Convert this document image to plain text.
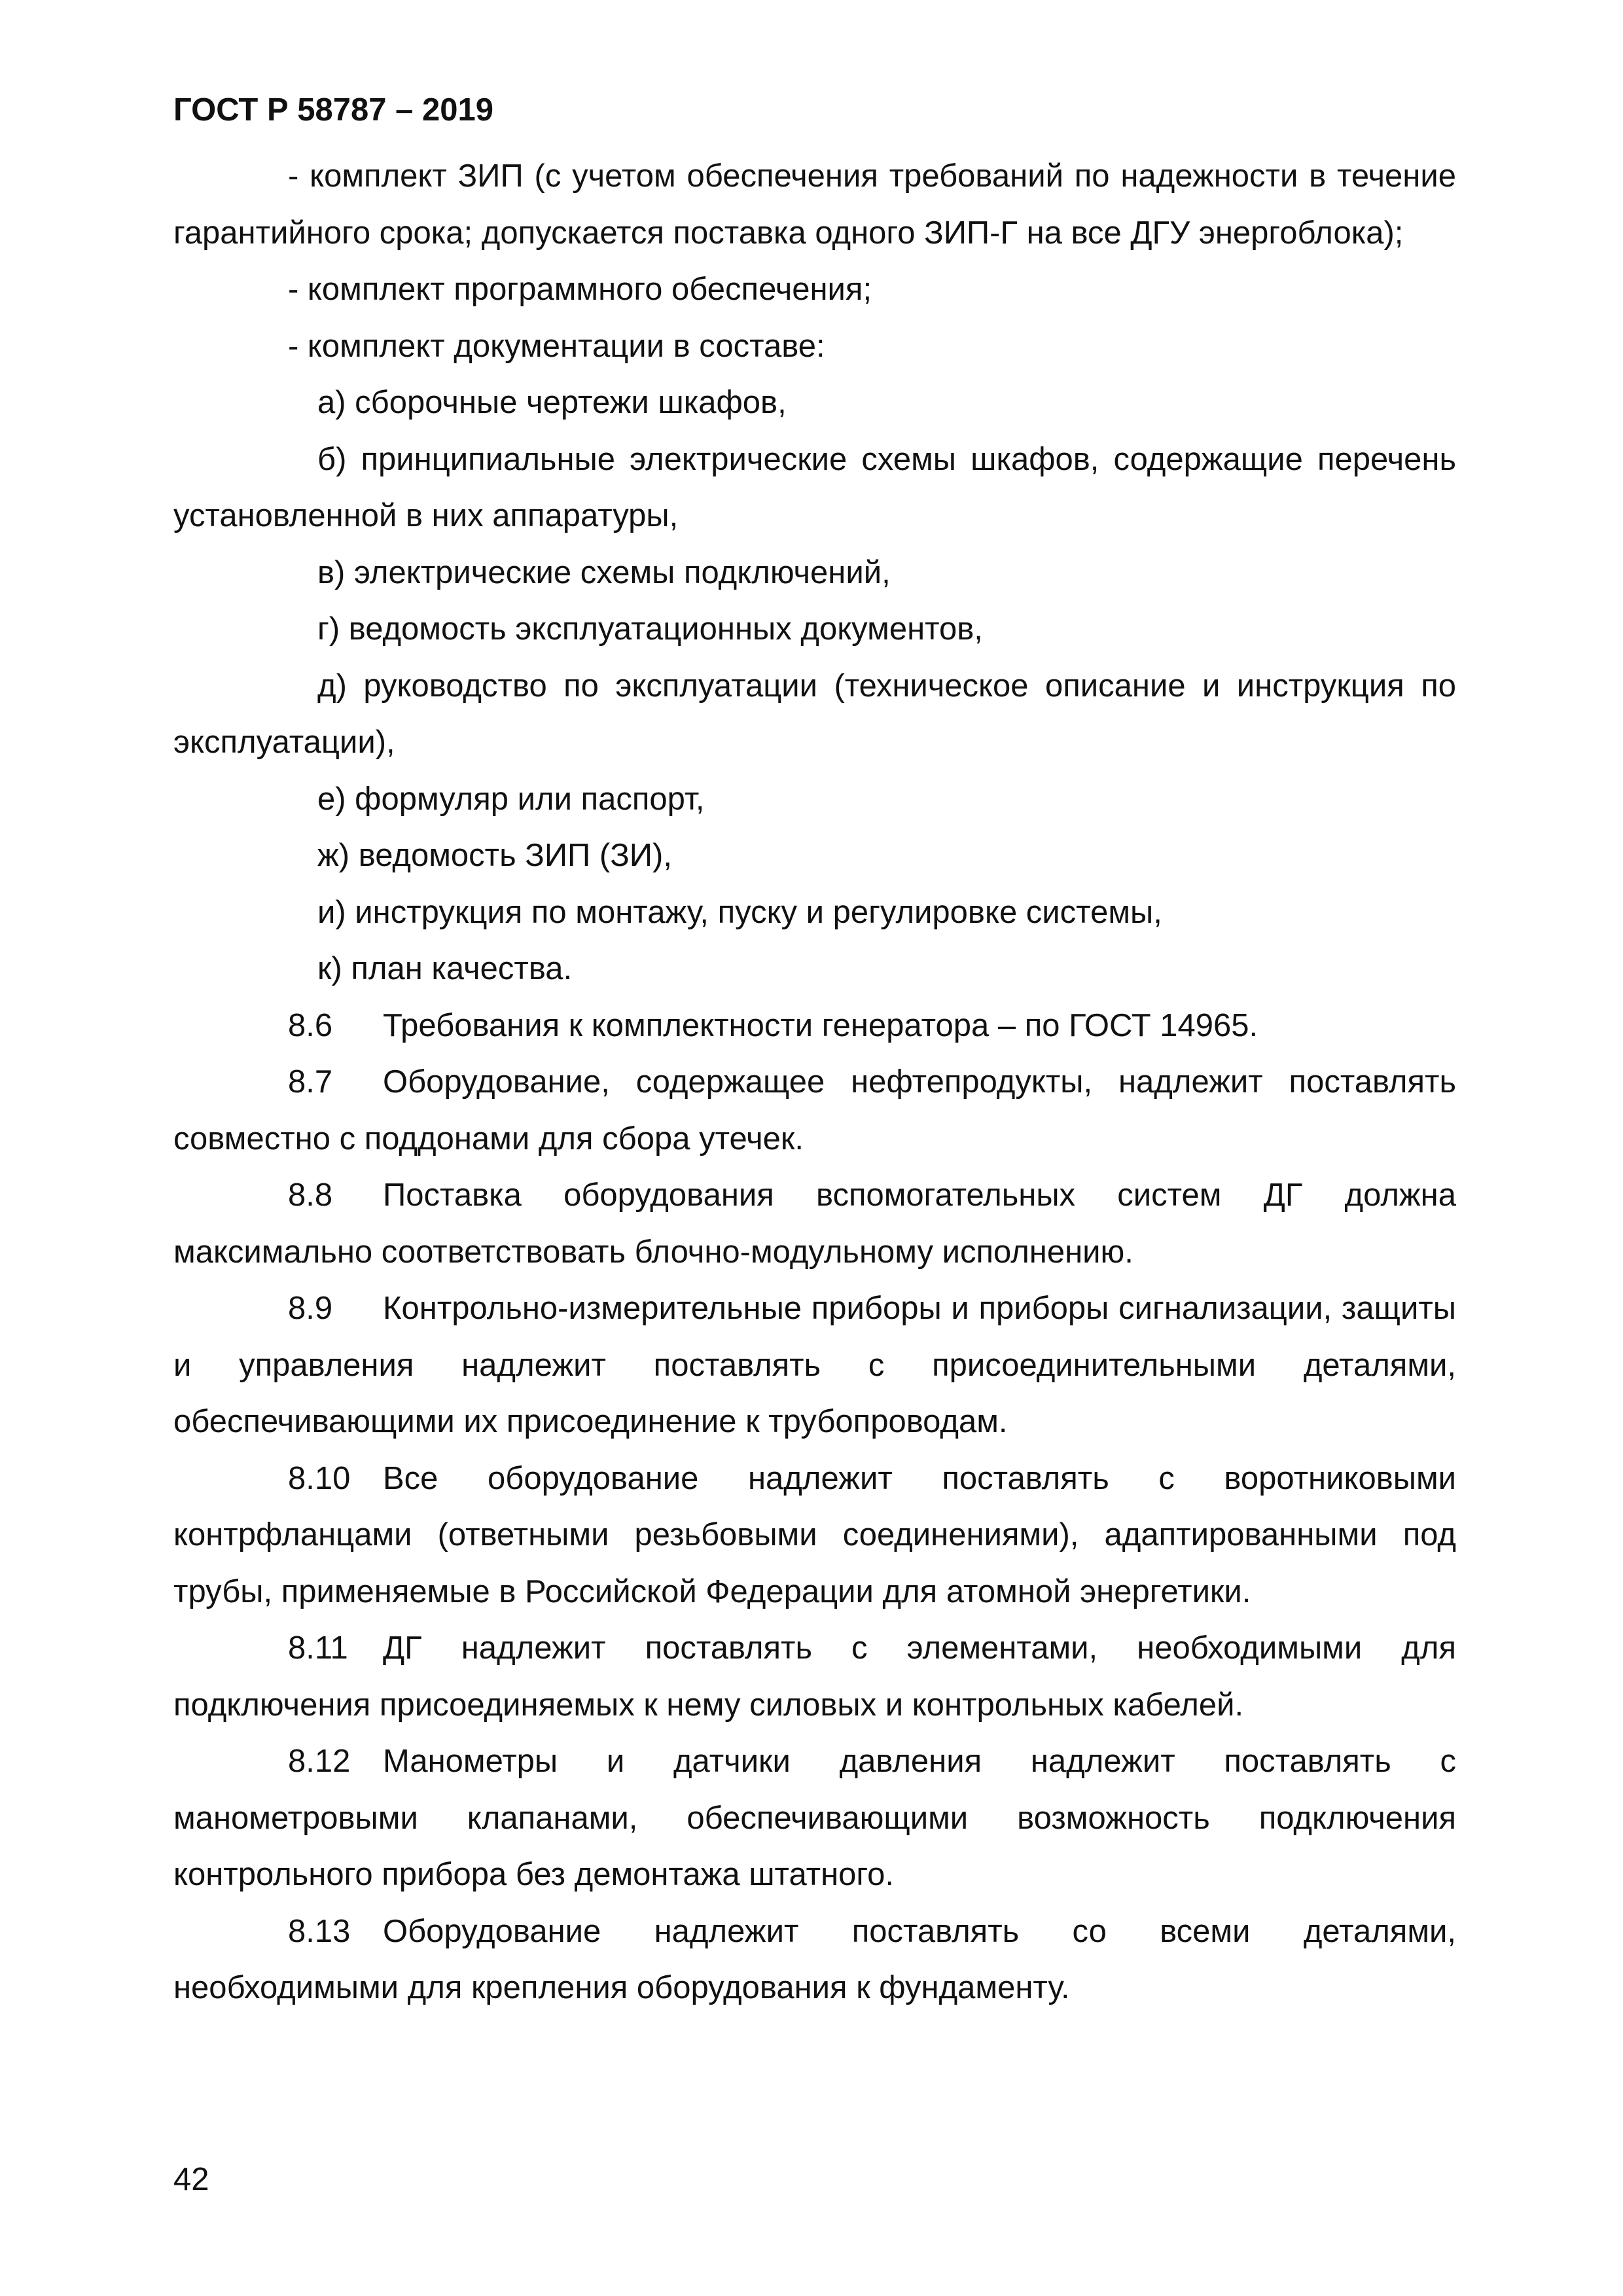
ГОСТ Р 58787 – 2019

- комплект ЗИП (с учетом обеспечения требований по надежности в течение гарантийного срока; допускается поставка одного ЗИП-Г на все ДГУ энергоблока);

- комплект программного обеспечения;

- комплект документации в составе:

а) сборочные чертежи шкафов,

б) принципиальные электрические схемы шкафов, содержащие перечень установленной в них аппаратуры,

в) электрические схемы подключений,

г) ведомость эксплуатационных документов,

д) руководство по эксплуатации (техническое описание и инструкция по эксплуатации),

е) формуляр или паспорт,

ж) ведомость ЗИП (ЗИ),

и) инструкция по монтажу, пуску и регулировке системы,

к) план качества.

8.6 Требования к комплектности генератора – по ГОСТ 14965.

8.7 Оборудование, содержащее нефтепродукты, надлежит поставлять совместно с поддонами для сбора утечек.

8.8 Поставка оборудования вспомогательных систем ДГ должна максимально соответствовать блочно-модульному исполнению.

8.9 Контрольно-измерительные приборы и приборы сигнализации, защиты и управления надлежит поставлять с присоединительными деталями, обеспечивающими их присоединение к трубопроводам.

8.10 Все оборудование надлежит поставлять с воротниковыми контрфланцами (ответными резьбовыми соединениями), адаптированными под трубы, применяемые в Российской Федерации для атомной энергетики.

8.11 ДГ надлежит поставлять с элементами, необходимыми для подключения присоединяемых к нему силовых и контрольных кабелей.

8.12 Манометры и датчики давления надлежит поставлять с манометровыми клапанами, обеспечивающими возможность подключения контрольного прибора без демонтажа штатного.

8.13 Оборудование надлежит поставлять со всеми деталями, необходимыми для крепления оборудования к фундаменту.

42
